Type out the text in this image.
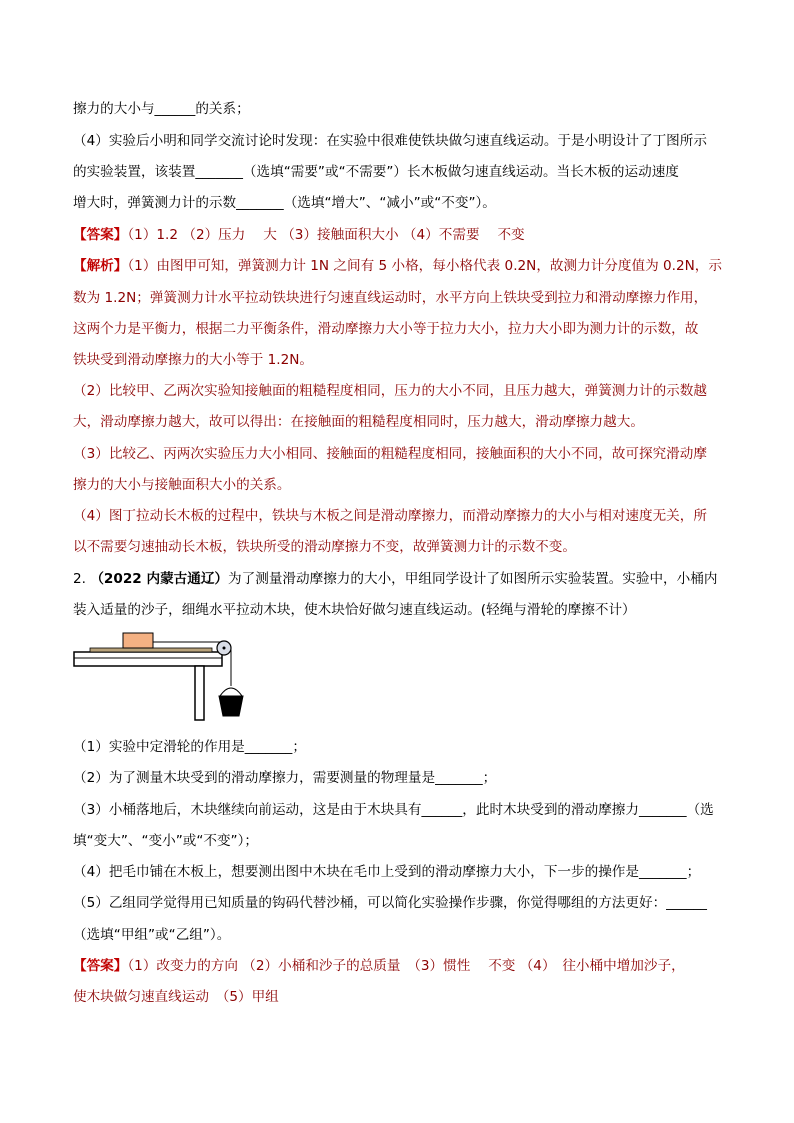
擦力的大小与______的关系；
（4）实验后小明和同学交流讨论时发现：在实验中很难使铁块做匀速直线运动。于是小明设计了丁图所示
的实验装置，该装置_______（选填“需要”或“不需要”）长木板做匀速直线运动。当长木板的运动速度
增大时，弹簧测力计的示数_______（选填“增大”、“减小”或“不变”）。
【答案】（1）1.2 （2）压力　 大 （3）接触面积大小 （4）不需要　 不变
【解析】（1）由图甲可知，弹簧测力计 1N 之间有 5 小格，每小格代表 0.2N，故测力计分度值为 0.2N，示
数为 1.2N；弹簧测力计水平拉动铁块进行匀速直线运动时，水平方向上铁块受到拉力和滑动摩擦力作用，
这两个力是平衡力，根据二力平衡条件，滑动摩擦力大小等于拉力大小，拉力大小即为测力计的示数，故
铁块受到滑动摩擦力的大小等于 1.2N。
（2）比较甲、乙两次实验知接触面的粗糙程度相同，压力的大小不同，且压力越大，弹簧测力计的示数越
大，滑动摩擦力越大，故可以得出：在接触面的粗糙程度相同时，压力越大，滑动摩擦力越大。
（3）比较乙、丙两次实验压力大小相同、接触面的粗糙程度相同，接触面积的大小不同，故可探究滑动摩
擦力的大小与接触面积大小的关系。
（4）图丁拉动长木板的过程中，铁块与木板之间是滑动摩擦力，而滑动摩擦力的大小与相对速度无关，所
以不需要匀速抽动长木板，铁块所受的滑动摩擦力不变，故弹簧测力计的示数不变。
2. （2022 内蒙古通辽）为了测量滑动摩擦力的大小，甲组同学设计了如图所示实验装置。实验中，小桶内
装入适量的沙子，细绳水平拉动木块，使木块恰好做匀速直线运动。(轻绳与滑轮的摩擦不计）
（1）实验中定滑轮的作用是_______；
（2）为了测量木块受到的滑动摩擦力，需要测量的物理量是_______；
（3）小桶落地后，木块继续向前运动，这是由于木块具有______，此时木块受到的滑动摩擦力_______（选
填“变大”、“变小”或“不变”）；
（4）把毛巾铺在木板上，想要测出图中木块在毛巾上受到的滑动摩擦力大小，下一步的操作是_______；
（5）乙组同学觉得用已知质量的钩码代替沙桶，可以简化实验操作步骤，你觉得哪组的方法更好：______
（选填“甲组”或“乙组”）。
【答案】（1）改变力的方向 （2）小桶和沙子的总质量　（3）惯性　 不变 （4）　往小桶中增加沙子，
使木块做匀速直线运动　（5）甲组
